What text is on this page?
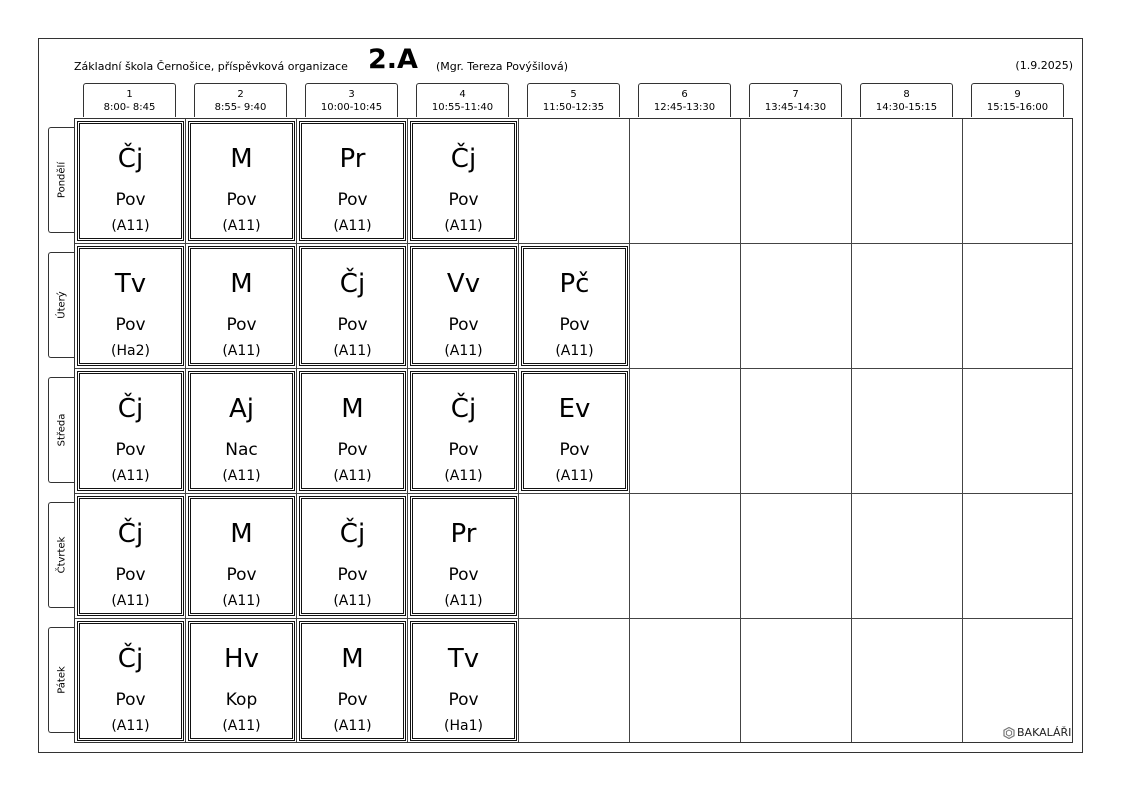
Základní škola Černošice, příspěvková organizace 2.A (Mgr. Tereza Povýšilová)	(1.9.2025)
1
8:00- 8:45
2
8:55- 9:40
3
10:00-10:45
4
10:55-11:40
5
11:50-12:35
6
12:45-13:30
7
13:45-14:30
8
14:30-15:15
9
15:15-16:00
Pondělí
Úterý
Středa
Čtvrtek
Pátek
Čj
Pov
(A11)
M
Pov
(A11)
Pr
Pov
(A11)
Čj
Pov
(A11)
Tv
Pov
(Ha2)
M
Pov
(A11)
Čj
Pov
(A11)
Vv
Pov
(A11)
Pč
Pov
(A11)
Čj
Pov
(A11)
Aj
Nac
(A11)
M
Pov
(A11)
Čj
Pov
(A11)
Ev
Pov
(A11)
Čj
Pov
(A11)
M
Pov
(A11)
Čj
Pov
(A11)
Pr
Pov
(A11)
Čj
Pov
(A11)
Hv
Kop
(A11)
M
Pov
(A11)
Tv
Pov
(Ha1)	BAKALÁŘI
